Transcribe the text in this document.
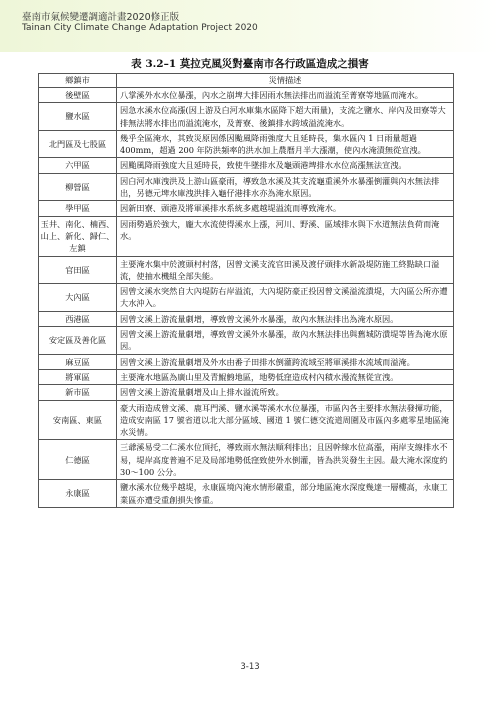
臺南市氣候變遷調適計畫2020修正版
Tainan City Climate Change Adaptation Project 2020
表 3.2–1 莫拉克風災對臺南市各行政區造成之損害
鄉鎮市	災情描述
後壁區	八掌溪外水水位暴漲，內水之崩埤大排因雨水無法排出而溢流至菁寮等地區而淹水。
鹽水區	因急水溪水位高漲(因上游及白河水庫集水區降下超大雨量)，支流之鹽水、岸內及田寮等大排無法將水排出而溢流淹水，及菁寮、後鎮排水跨域溢流淹水。
北門區及七股區	幾乎全區淹水，其致災原因係因颱風降雨強度大且延時長，集水區內 1 日雨量超過 400mm，超過 200 年防洪頻率的洪水加上農曆月半大漲潮，使內水淹漬無從宣洩。
六甲區	因颱風降雨強度大且延時長，致使牛墜排水及龜頭港埤排水水位高漲無法宣洩。
柳營區	因白河水庫洩洪及上游山區豪雨，導致急水溪及其支流龜重溪外水暴漲倒灌與內水無法排出，另德元埤水庫洩洪排入龜仔港排水亦為淹水原因。
學甲區	因新田寮、頭港及將軍溪排水系統多處越堤溢流而導致淹水。
玉井、南化、楠西、山上、新化、歸仁、左鎮	因雨勢過於強大，龐大水流使得溪水上漲，河川、野溪、區域排水與下水道無法負荷而淹水。
官田區	主要淹水集中於渡頭村村落，因曾文溪支流官田溪及渡仔頭排水新設堤防施工終點缺口溢流，使抽水機組全部失能。
大內區	因曾文溪水突然自大內堤防右岸溢流，大內堤防豪正投因曾文溪溢流潰堤，大內區公所亦遭大水沖入。
西港區	因曾文溪上游流量劇增，導致曾文溪外水暴漲，故內水無法排出為淹水原因。
安定區及善化區	因曾文溪上游流量劇增，導致曾文溪外水暴漲，故內水無法排出與舊城防潰堤等皆為淹水原因。
麻豆區	因曾文溪上游流量劇增及外水由番子田排水倒灌跨流域至將軍溪排水流域而溢淹。
將軍區	主要淹水地區為廣山里及青鯤鯓地區，地勢低窪造成村內積水漫流無從宣洩。
新市區	因曾文溪上游流量劇增及山上排水溢流所致。
安南區、東區	豪大雨造成曾文溪、鹿耳門溪、鹽水溪等溪水水位暴漲，市區內各主要排水無法發揮功能，造成安南區 17 號省道以北大部分區域、國道 1 號仁德交流道周圍及市區內多處零星地區淹水災情。
仁德區	三爺溪易受二仁溪水位頂托，導致雨水無法順利排出；且因幹線水位高漲，兩岸支線排水不易，堤岸高度普遍不足及局部地勢低窪致使外水倒灌，皆為洪災發生主因。最大淹水深度約 30～100 公分。
永康區	鹽水溪水位幾乎越堤，永康區境內淹水情形嚴重，部分地區淹水深度幾達一層樓高，永康工業區亦遭受重創損失慘重。
3-13
